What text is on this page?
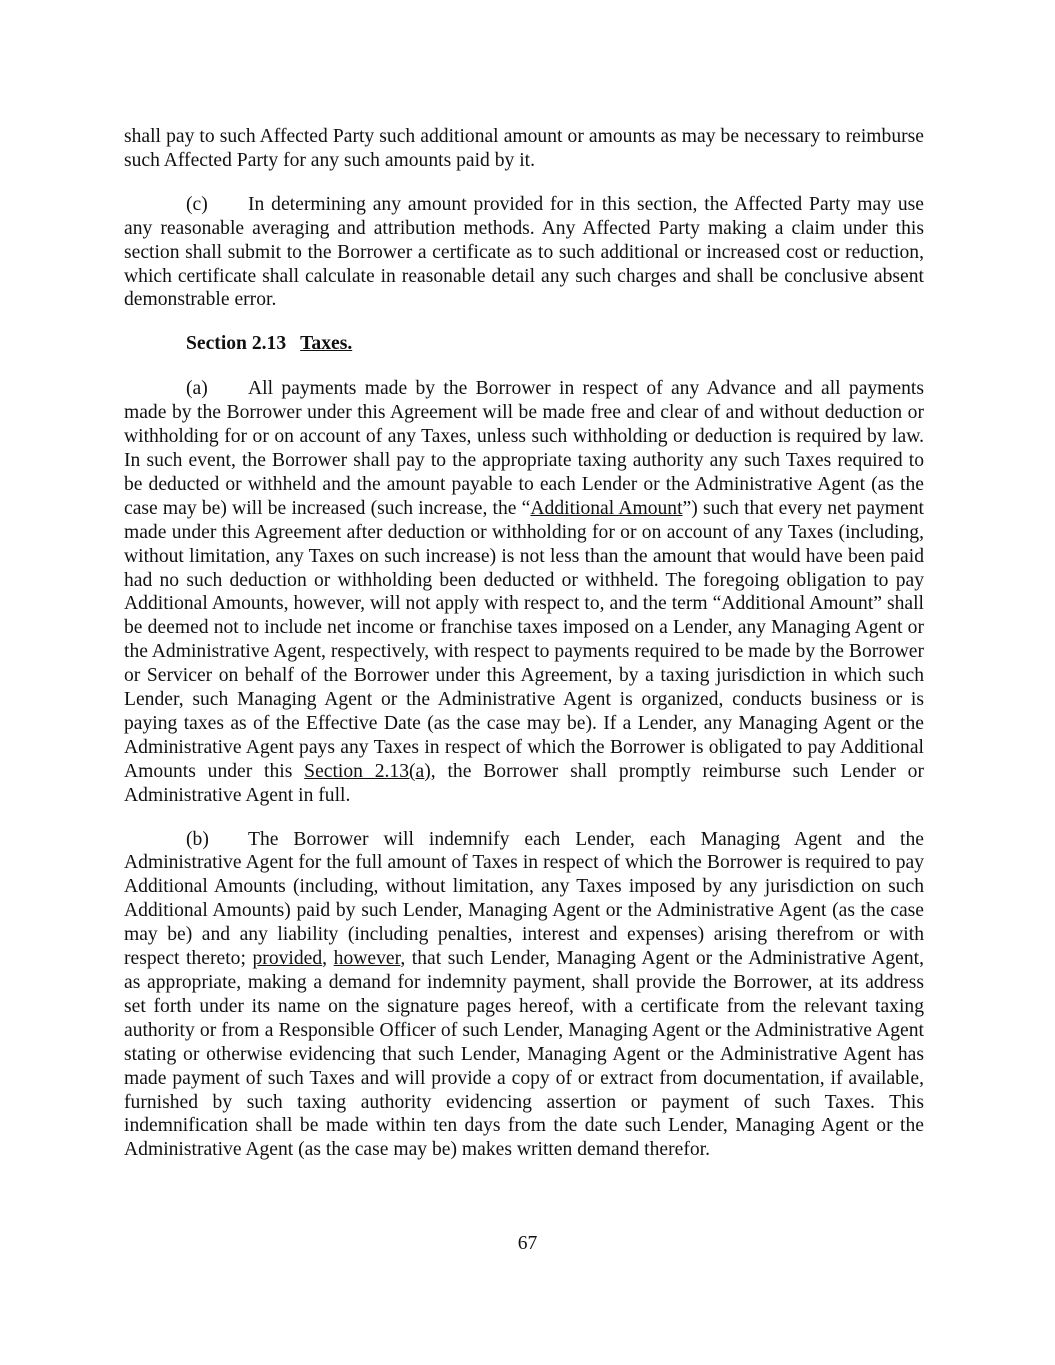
shall pay to such Affected Party such additional amount or amounts as may be necessary to reimburse such Affected Party for any such amounts paid by it.

(c) In determining any amount provided for in this section, the Affected Party may use any reasonable averaging and attribution methods. Any Affected Party making a claim under this section shall submit to the Borrower a certificate as to such additional or increased cost or reduction, which certificate shall calculate in reasonable detail any such charges and shall be conclusive absent demonstrable error.

Section 2.13 Taxes.

(a) All payments made by the Borrower in respect of any Advance and all payments made by the Borrower under this Agreement will be made free and clear of and without deduction or withholding for or on account of any Taxes, unless such withholding or deduction is required by law. In such event, the Borrower shall pay to the appropriate taxing authority any such Taxes required to be deducted or withheld and the amount payable to each Lender or the Administrative Agent (as the case may be) will be increased (such increase, the “Additional Amount”) such that every net payment made under this Agreement after deduction or withholding for or on account of any Taxes (including, without limitation, any Taxes on such increase) is not less than the amount that would have been paid had no such deduction or withholding been deducted or withheld. The foregoing obligation to pay Additional Amounts, however, will not apply with respect to, and the term “Additional Amount” shall be deemed not to include net income or franchise taxes imposed on a Lender, any Managing Agent or the Administrative Agent, respectively, with respect to payments required to be made by the Borrower or Servicer on behalf of the Borrower under this Agreement, by a taxing jurisdiction in which such Lender, such Managing Agent or the Administrative Agent is organized, conducts business or is paying taxes as of the Effective Date (as the case may be). If a Lender, any Managing Agent or the Administrative Agent pays any Taxes in respect of which the Borrower is obligated to pay Additional Amounts under this Section 2.13(a), the Borrower shall promptly reimburse such Lender or Administrative Agent in full.

(b) The Borrower will indemnify each Lender, each Managing Agent and the Administrative Agent for the full amount of Taxes in respect of which the Borrower is required to pay Additional Amounts (including, without limitation, any Taxes imposed by any jurisdiction on such Additional Amounts) paid by such Lender, Managing Agent or the Administrative Agent (as the case may be) and any liability (including penalties, interest and expenses) arising therefrom or with respect thereto; provided, however, that such Lender, Managing Agent or the Administrative Agent, as appropriate, making a demand for indemnity payment, shall provide the Borrower, at its address set forth under its name on the signature pages hereof, with a certificate from the relevant taxing authority or from a Responsible Officer of such Lender, Managing Agent or the Administrative Agent stating or otherwise evidencing that such Lender, Managing Agent or the Administrative Agent has made payment of such Taxes and will provide a copy of or extract from documentation, if available, furnished by such taxing authority evidencing assertion or payment of such Taxes. This indemnification shall be made within ten days from the date such Lender, Managing Agent or the Administrative Agent (as the case may be) makes written demand therefor.

67
